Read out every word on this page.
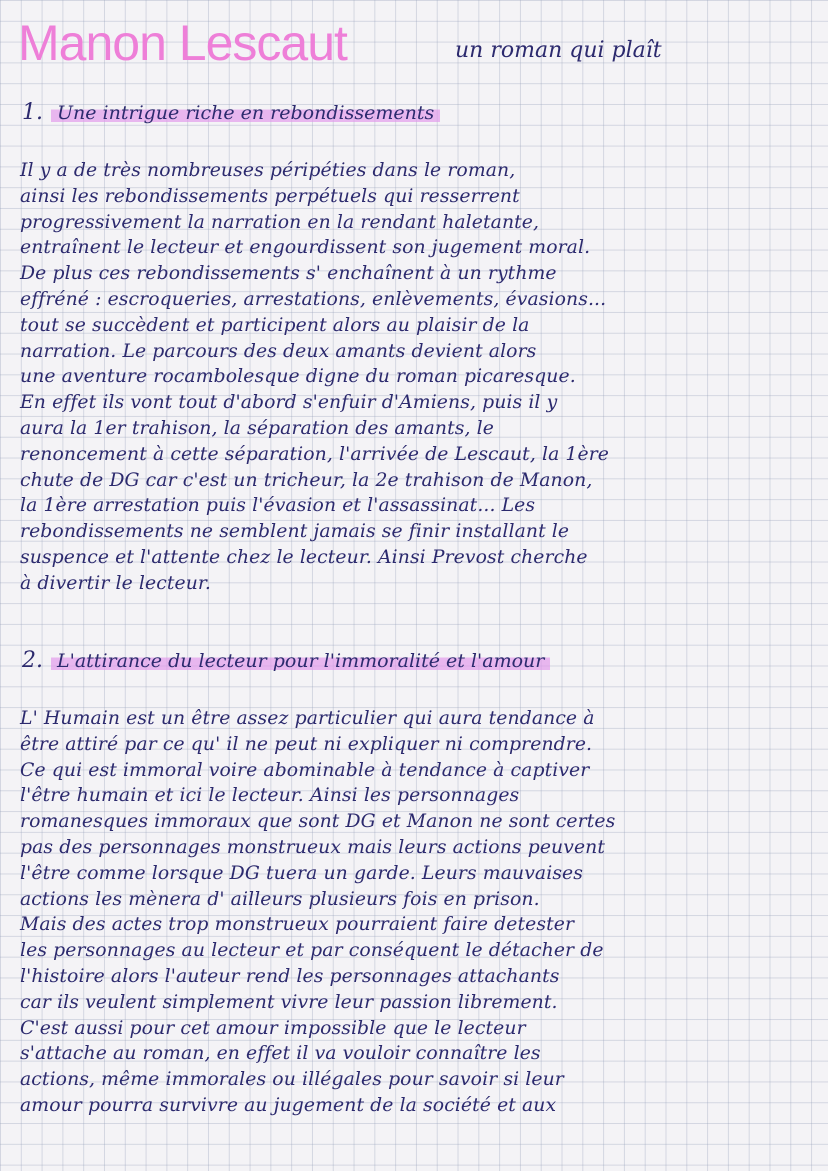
Manon Lescaut	un roman qui plaît
1. Une intrigue riche en rebondissements
Il y a de très nombreuses péripéties dans le roman,
ainsi les rebondissements perpétuels qui resserrent
progressivement la narration en la rendant haletante,
entraînent le lecteur et engourdissent son jugement moral.
De plus ces rebondissements s' enchaînent à un rythme
effréné : escroqueries, arrestations, enlèvements, évasions...
tout se succèdent et participent alors au plaisir de la
narration. Le parcours des deux amants devient alors
une aventure rocambolesque digne du roman picaresque.
En effet ils vont tout d'abord s'enfuir d'Amiens, puis il y
aura la 1er trahison, la séparation des amants, le
renoncement à cette séparation, l'arrivée de Lescaut, la 1ère
chute de DG car c'est un tricheur, la 2e trahison de Manon,
la 1ère arrestation puis l'évasion et l'assassinat... Les
rebondissements ne semblent jamais se finir installant le
suspence et l'attente chez le lecteur. Ainsi Prevost cherche
à divertir le lecteur.
2. L'attirance du lecteur pour l'immoralité et l'amour
L' Humain est un être assez particulier qui aura tendance à
être attiré par ce qu' il ne peut ni expliquer ni comprendre.
Ce qui est immoral voire abominable à tendance à captiver
l'être humain et ici le lecteur. Ainsi les personnages
romanesques immoraux que sont DG et Manon ne sont certes
pas des personnages monstrueux mais leurs actions peuvent
l'être comme lorsque DG tuera un garde. Leurs mauvaises
actions les mènera d' ailleurs plusieurs fois en prison.
Mais des actes trop monstrueux pourraient faire detester
les personnages au lecteur et par conséquent le détacher de
l'histoire alors l'auteur rend les personnages attachants
car ils veulent simplement vivre leur passion librement.
C'est aussi pour cet amour impossible que le lecteur
s'attache au roman, en effet il va vouloir connaître les
actions, même immorales ou illégales pour savoir si leur
amour pourra survivre au jugement de la société et aux
